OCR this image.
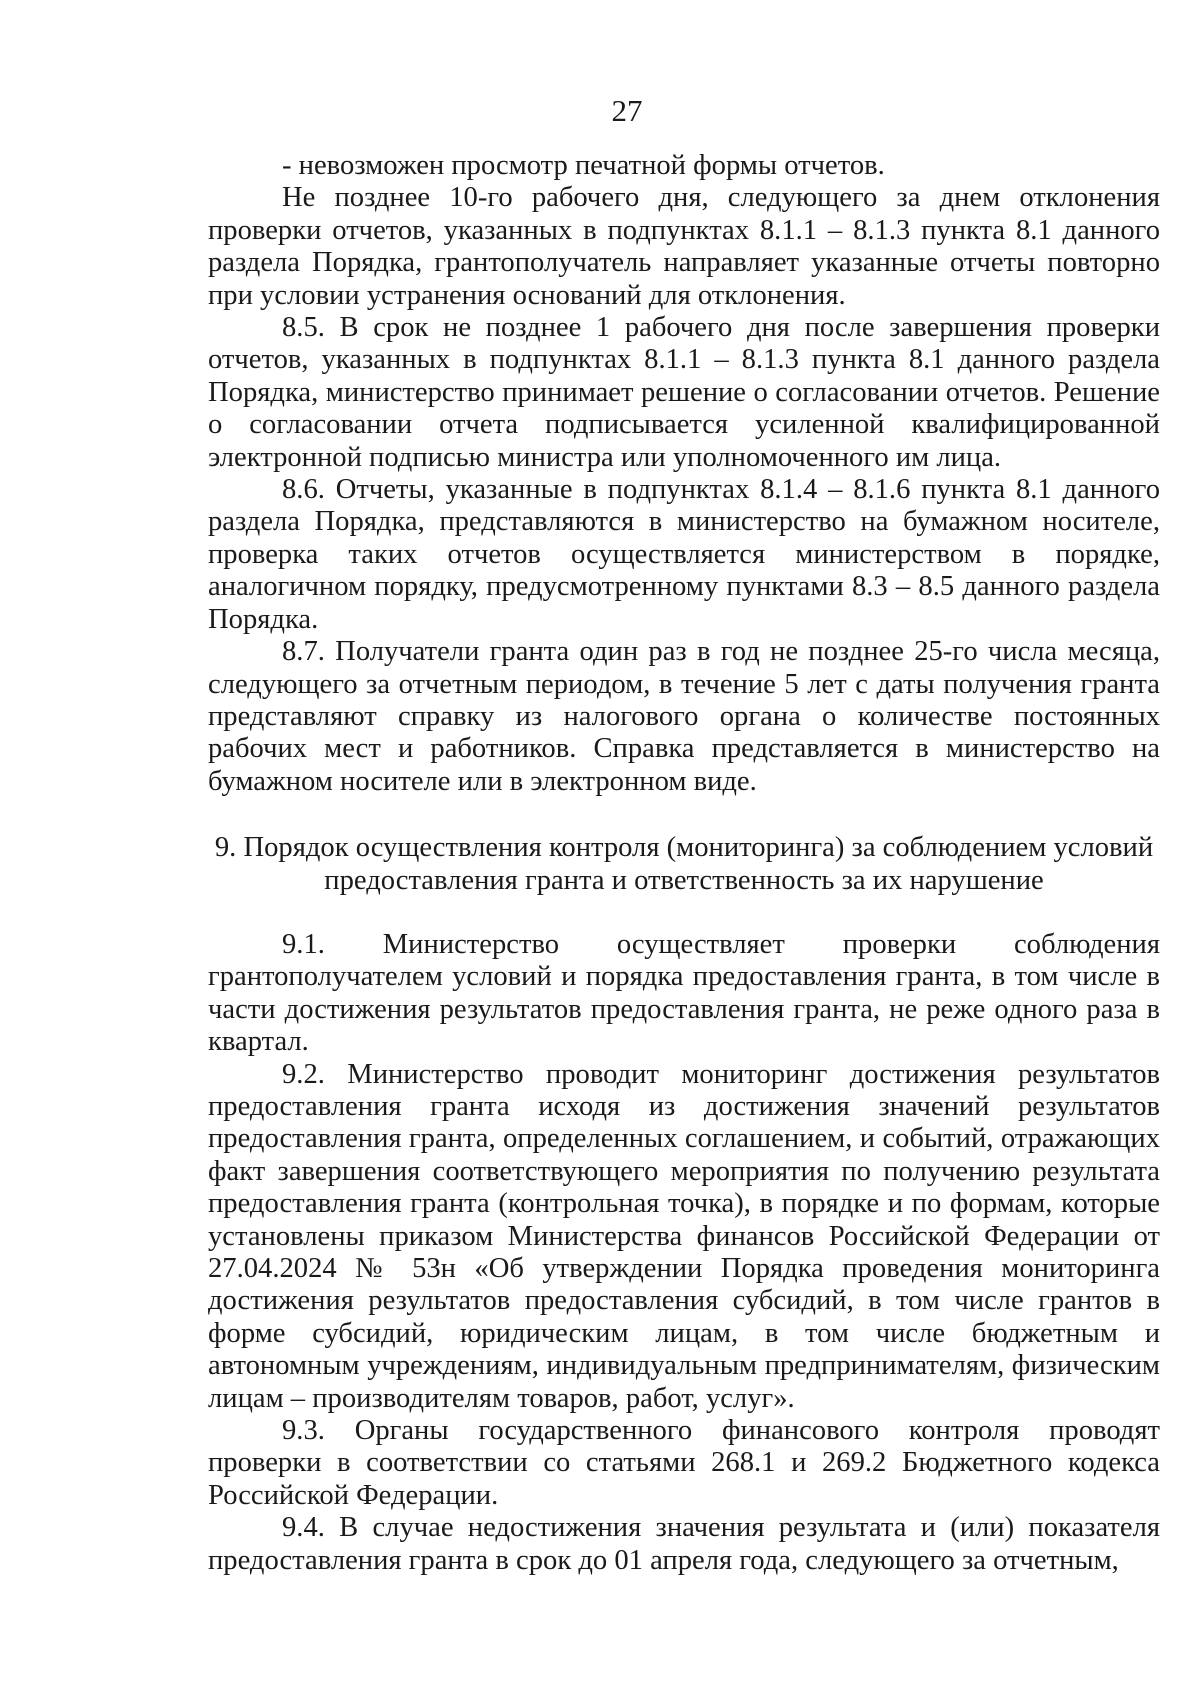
27

- невозможен просмотр печатной формы отчетов.

Не позднее 10-го рабочего дня, следующего за днем отклонения проверки отчетов, указанных в подпунктах 8.1.1 – 8.1.3 пункта 8.1 данного раздела Порядка, грантополучатель направляет указанные отчеты повторно при условии устранения оснований для отклонения.

8.5. В срок не позднее 1 рабочего дня после завершения проверки отчетов, указанных в подпунктах 8.1.1 – 8.1.3 пункта 8.1 данного раздела Порядка, министерство принимает решение о согласовании отчетов. Решение о согласовании отчета подписывается усиленной квалифицированной электронной подписью министра или уполномоченного им лица.

8.6. Отчеты, указанные в подпунктах 8.1.4 – 8.1.6 пункта 8.1 данного раздела Порядка, представляются в министерство на бумажном носителе, проверка таких отчетов осуществляется министерством в порядке, аналогичном порядку, предусмотренному пунктами 8.3 – 8.5 данного раздела Порядка.

8.7. Получатели гранта один раз в год не позднее 25-го числа месяца, следующего за отчетным периодом, в течение 5 лет с даты получения гранта представляют справку из налогового органа о количестве постоянных рабочих мест и работников. Справка представляется в министерство на бумажном носителе или в электронном виде.

9. Порядок осуществления контроля (мониторинга) за соблюдением условий
предоставления гранта и ответственность за их нарушение

9.1. Министерство осуществляет проверки соблюдения грантополучателем условий и порядка предоставления гранта, в том числе в части достижения результатов предоставления гранта, не реже одного раза в квартал.

9.2. Министерство проводит мониторинг достижения результатов предоставления гранта исходя из достижения значений результатов предоставления гранта, определенных соглашением, и событий, отражающих факт завершения соответствующего мероприятия по получению результата предоставления гранта (контрольная точка), в порядке и по формам, которые установлены приказом Министерства финансов Российской Федерации от 27.04.2024 № 53н «Об утверждении Порядка проведения мониторинга достижения результатов предоставления субсидий, в том числе грантов в форме субсидий, юридическим лицам, в том числе бюджетным и автономным учреждениям, индивидуальным предпринимателям, физическим лицам – производителям товаров, работ, услуг».

9.3. Органы государственного финансового контроля проводят проверки в соответствии со статьями 268.1 и 269.2 Бюджетного кодекса Российской Федерации.

9.4. В случае недостижения значения результата и (или) показателя предоставления гранта в срок до 01 апреля года, следующего за отчетным,
